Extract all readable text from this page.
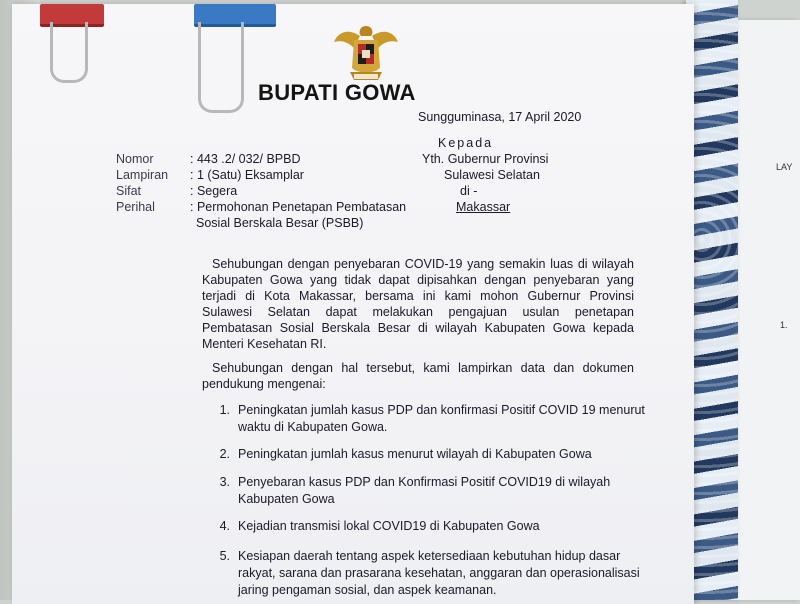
LAY
1.
BUPATI GOWA
Sungguminasa, 17 April 2020
Kepada
Yth. Gubernur Provinsi
Sulawesi Selatan
di -
Makassar
Nomor	: 443 .2/ 032/ BPBD
Lampiran : 1 (Satu) Eksamplar
Sifat	: Segera
Perihal	: Permohonan Penetapan Pembatasan
Sosial Berskala Besar (PSBB)
Sehubungan dengan penyebaran COVID-19 yang semakin luas di wilayah Kabupaten Gowa yang tidak dapat dipisahkan dengan penyebaran yang terjadi di Kota Makassar, bersama ini kami mohon Gubernur Provinsi Sulawesi Selatan dapat melakukan pengajuan usulan penetapan Pembatasan Sosial Berskala Besar di wilayah Kabupaten Gowa kepada Menteri Kesehatan RI.
Sehubungan dengan hal tersebut, kami lampirkan data dan dokumen pendukung mengenai:
1. Peningkatan jumlah kasus PDP dan konfirmasi Positif COVID 19 menurut waktu di Kabupaten Gowa.
2. Peningkatan jumlah kasus menurut wilayah di Kabupaten Gowa
3. Penyebaran kasus PDP dan Konfirmasi Positif COVID19 di wilayah Kabupaten Gowa
4. Kejadian transmisi lokal COVID19 di Kabupaten Gowa
5. Kesiapan daerah tentang aspek ketersediaan kebutuhan hidup dasar rakyat, sarana dan prasarana kesehatan, anggaran dan operasionalisasi jaring pengaman sosial, dan aspek keamanan.
